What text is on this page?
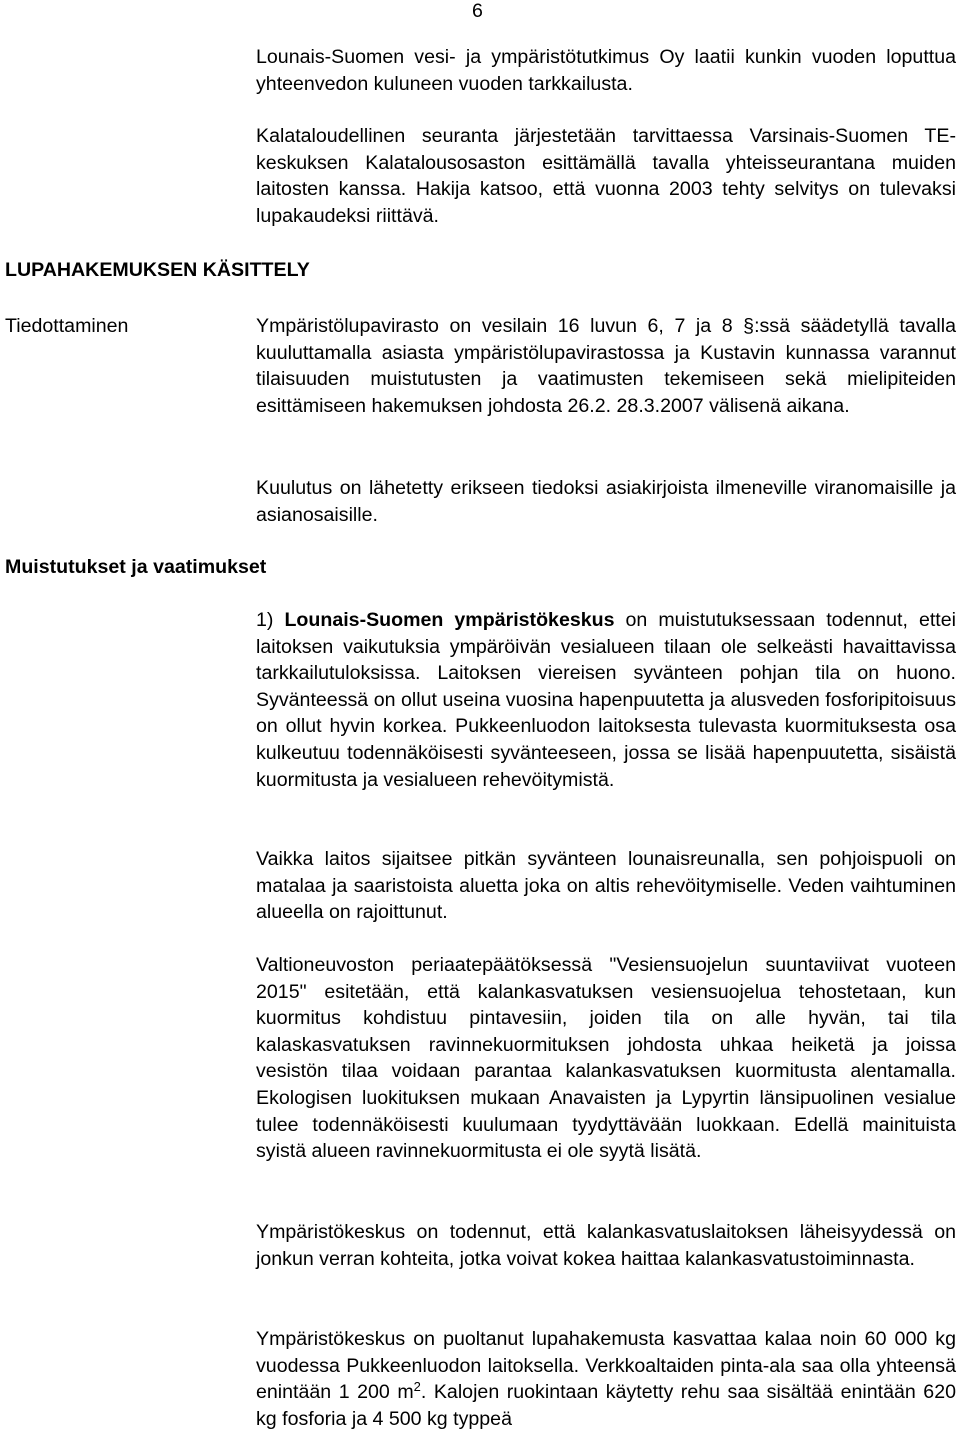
6

Lounais-Suomen vesi- ja ympäristötutkimus Oy laatii kunkin vuoden loputtua yhteenvedon kuluneen vuoden tarkkailusta.

Kalataloudellinen seuranta järjestetään tarvittaessa Varsinais-Suomen TE-keskuksen Kalatalousosaston esittämällä tavalla yhteisseurantana muiden laitosten kanssa. Hakija katsoo, että vuonna 2003 tehty selvitys on tulevaksi lupakaudeksi riittävä.

LUPAHAKEMUKSEN KÄSITTELY
Tiedottaminen	Ympäristölupavirasto on vesilain 16 luvun 6, 7 ja 8 §:ssä säädetyllä tavalla kuuluttamalla asiasta ympäristölupavirastossa ja Kustavin kunnassa varannut tilaisuuden muistutusten ja vaatimusten tekemiseen sekä mielipiteiden esittämiseen hakemuksen johdosta 26.2. 28.3.2007 välisenä aikana.

Kuulutus on lähetetty erikseen tiedoksi asiakirjoista ilmeneville viranomaisille ja asianosaisille.

Muistutukset ja vaatimukset

1) Lounais-Suomen ympäristökeskus on muistutuksessaan todennut, ettei laitoksen vaikutuksia ympäröivän vesialueen tilaan ole selkeästi havaittavissa tarkkailutuloksissa. Laitoksen viereisen syvänteen pohjan tila on huono. Syvänteessä on ollut useina vuosina hapenpuutetta ja alusveden fosforipitoisuus on ollut hyvin korkea. Pukkeenluodon laitoksesta tulevasta kuormituksesta osa kulkeutuu todennäköisesti syvänteeseen, jossa se lisää hapenpuutetta, sisäistä kuormitusta ja vesialueen rehevöitymistä.

Vaikka laitos sijaitsee pitkän syvänteen lounaisreunalla, sen pohjoispuoli on matalaa ja saaristoista aluetta joka on altis rehevöitymiselle. Veden vaihtuminen alueella on rajoittunut.

Valtioneuvoston periaatepäätöksessä "Vesiensuojelun suuntaviivat vuoteen 2015" esitetään, että kalankasvatuksen vesiensuojelua tehostetaan, kun kuormitus kohdistuu pintavesiin, joiden tila on alle hyvän, tai tila kalaskasvatuksen ravinnekuormituksen johdosta uhkaa heiketä ja joissa vesistön tilaa voidaan parantaa kalankasvatuksen kuormitusta alentamalla. Ekologisen luokituksen mukaan Anavaisten ja Lypyrtin länsipuolinen vesialue tulee todennäköisesti kuulumaan tyydyttävään luokkaan. Edellä mainituista syistä alueen ravinnekuormitusta ei ole syytä lisätä.

Ympäristökeskus on todennut, että kalankasvatuslaitoksen läheisyydessä on jonkun verran kohteita, jotka voivat kokea haittaa kalankasvatustoiminnasta.

Ympäristökeskus on puoltanut lupahakemusta kasvattaa kalaa noin 60 000 kg vuodessa Pukkeenluodon laitoksella. Verkkoaltaiden pinta-ala saa olla yhteensä enintään 1 200 $m^2$. Kalojen ruokintaan käytetty rehu saa sisältää enintään 620 kg fosforia ja 4 500 kg typpeä
